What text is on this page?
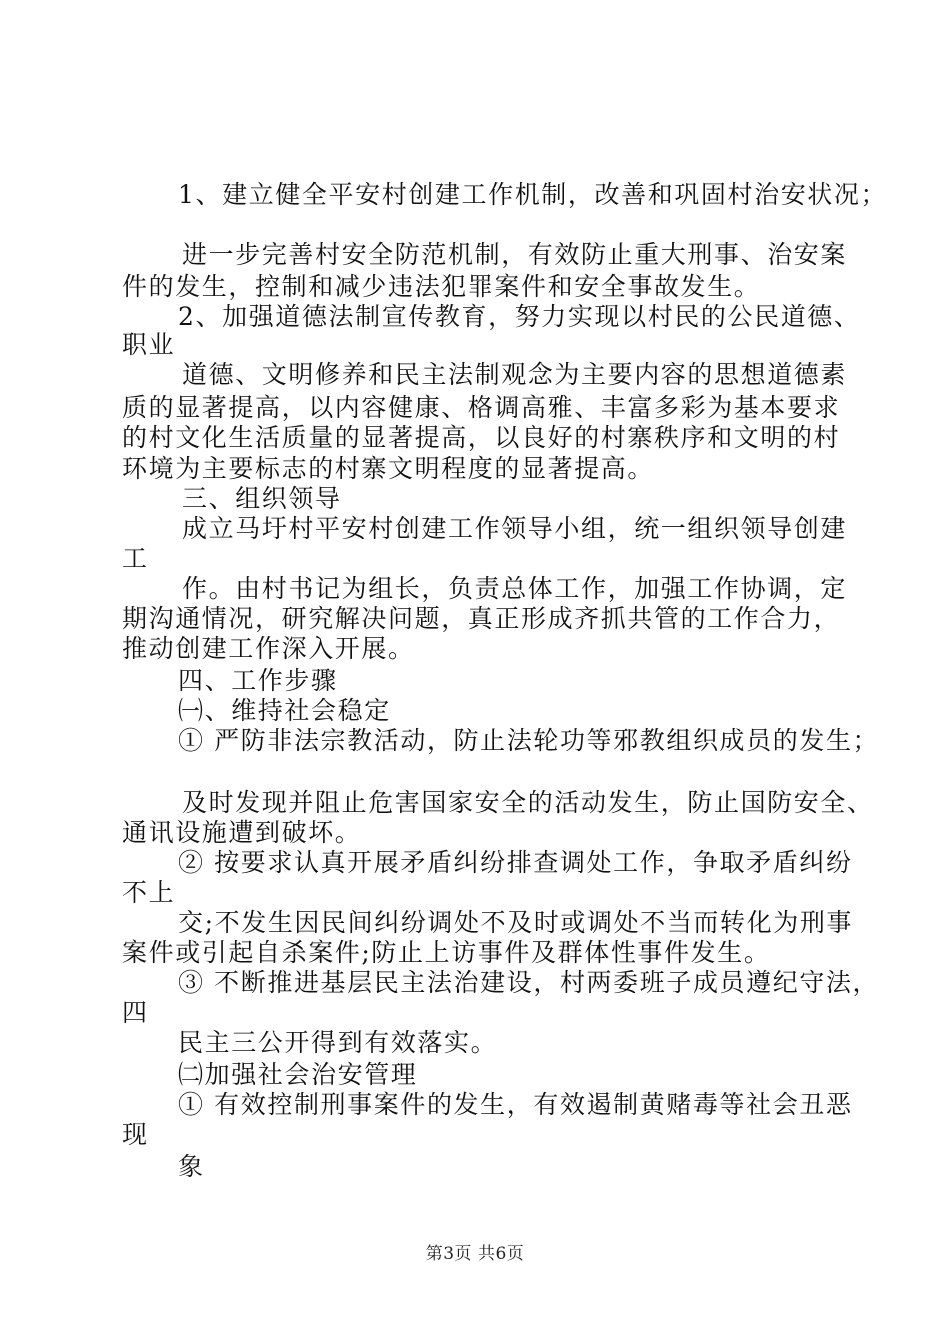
1、建立健全平安村创建工作机制，改善和巩固村治安状况；
进一步完善村安全防范机制，有效防止重大刑事、治安案
件的发生，控制和减少违法犯罪案件和安全事故发生。
2、加强道德法制宣传教育，努力实现以村民的公民道德、
职业
道德、文明修养和民主法制观念为主要内容的思想道德素
质的显著提高，以内容健康、格调高雅、丰富多彩为基本要求
的村文化生活质量的显著提高，以良好的村寨秩序和文明的村
环境为主要标志的村寨文明程度的显著提高。
三、组织领导
成立马圩村平安村创建工作领导小组，统一组织领导创建
工
作。由村书记为组长，负责总体工作，加强工作协调，定
期沟通情况，研究解决问题，真正形成齐抓共管的工作合力，
推动创建工作深入开展。
四、工作步骤
㈠、维持社会稳定
① 严防非法宗教活动，防止法轮功等邪教组织成员的发生；
及时发现并阻止危害国家安全的活动发生，防止国防安全、
通讯设施遭到破坏。
② 按要求认真开展矛盾纠纷排查调处工作，争取矛盾纠纷
不上
交;不发生因民间纠纷调处不及时或调处不当而转化为刑事
案件或引起自杀案件;防止上访事件及群体性事件发生。
③ 不断推进基层民主法治建设，村两委班子成员遵纪守法，
四
民主三公开得到有效落实。
㈡加强社会治安管理
① 有效控制刑事案件的发生，有效遏制黄赌毒等社会丑恶
现
象
第3页 共6页
